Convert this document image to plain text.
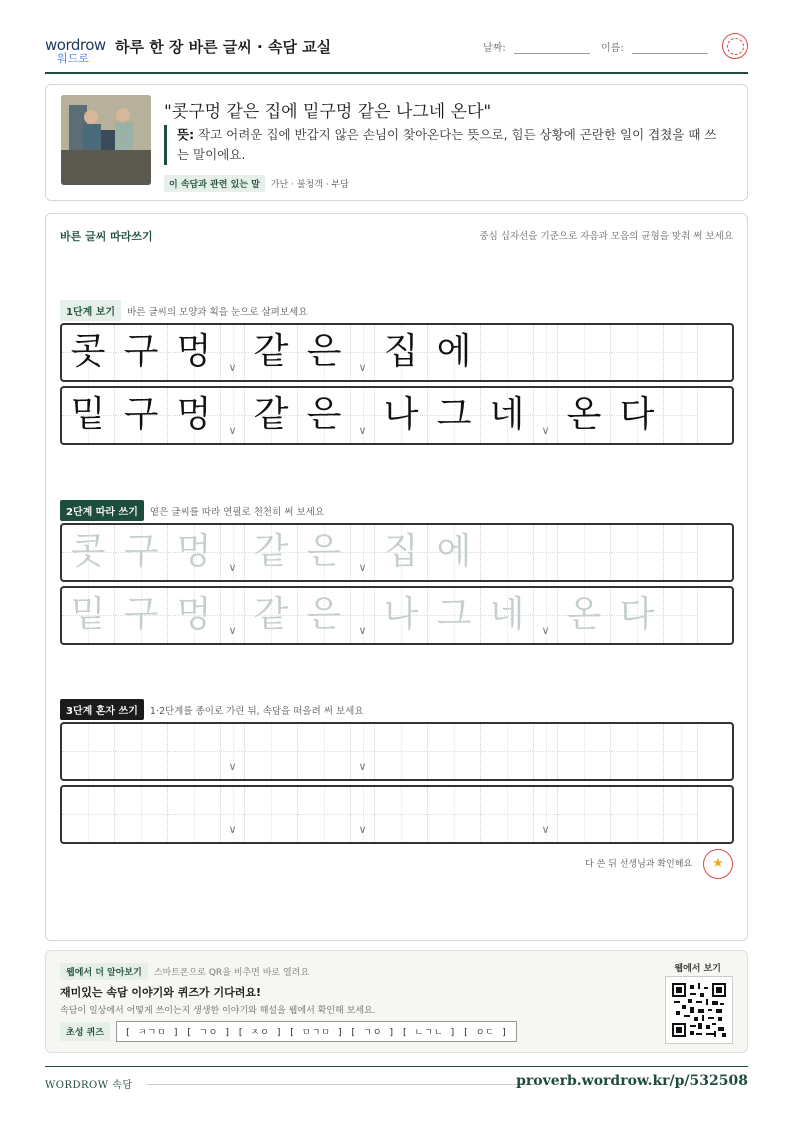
wordrow
워드로
하루 한 장 바른 글씨 · 속담 교실	날짜:	이름:
"콧구멍 같은 집에 밑구멍 같은 나그네 온다"
뜻: 작고 어려운 집에 반갑지 않은 손님이 찾아온다는 뜻으로, 힘든 상황에 곤란한 일이 겹쳤을 때 쓰는 말이에요.
이 속담과 관련 있는 말 가난 · 불청객 · 부담
바른 글씨 따라쓰기	중심 십자선을 기준으로 자음과 모음의 균형을 맞춰 써 보세요
1단계 보기 바른 글씨의 모양과 획을 눈으로 살펴보세요
2단계 따라 쓰기 옅은 글씨를 따라 연필로 천천히 써 보세요
3단계 혼자 쓰기 1·2단계를 종이로 가린 뒤, 속담을 떠올려 써 보세요
다 쓴 뒤 선생님과 확인해요	★
콧 구 멍	∨ 같 은	∨ 집 에
밑 구 멍	∨ 같 은	∨ 나 그 네	∨ 온 다
콧 구 멍	∨ 같 은	∨ 집 에
밑 구 멍	∨ 같 은	∨ 나 그 네	∨ 온 다
∨	∨
∨	∨	∨
웹에서 더 알아보기 스마트폰으로 QR을 비추면 바로 열려요
재미있는 속담 이야기와 퀴즈가 기다려요!
속담이 일상에서 어떻게 쓰이는지 생생한 이야기와 해설을 웹에서 확인해 보세요.
초성 퀴즈 [ ㅋㄱㅁ ] [ ㄱㅇ ] [ ㅈㅇ ] [ ㅁㄱㅁ ] [ ㄱㅇ ] [ ㄴㄱㄴ ] [ ㅇㄷ ]
웹에서 보기
WORDROW 속담	proverb.wordrow.kr/p/532508
